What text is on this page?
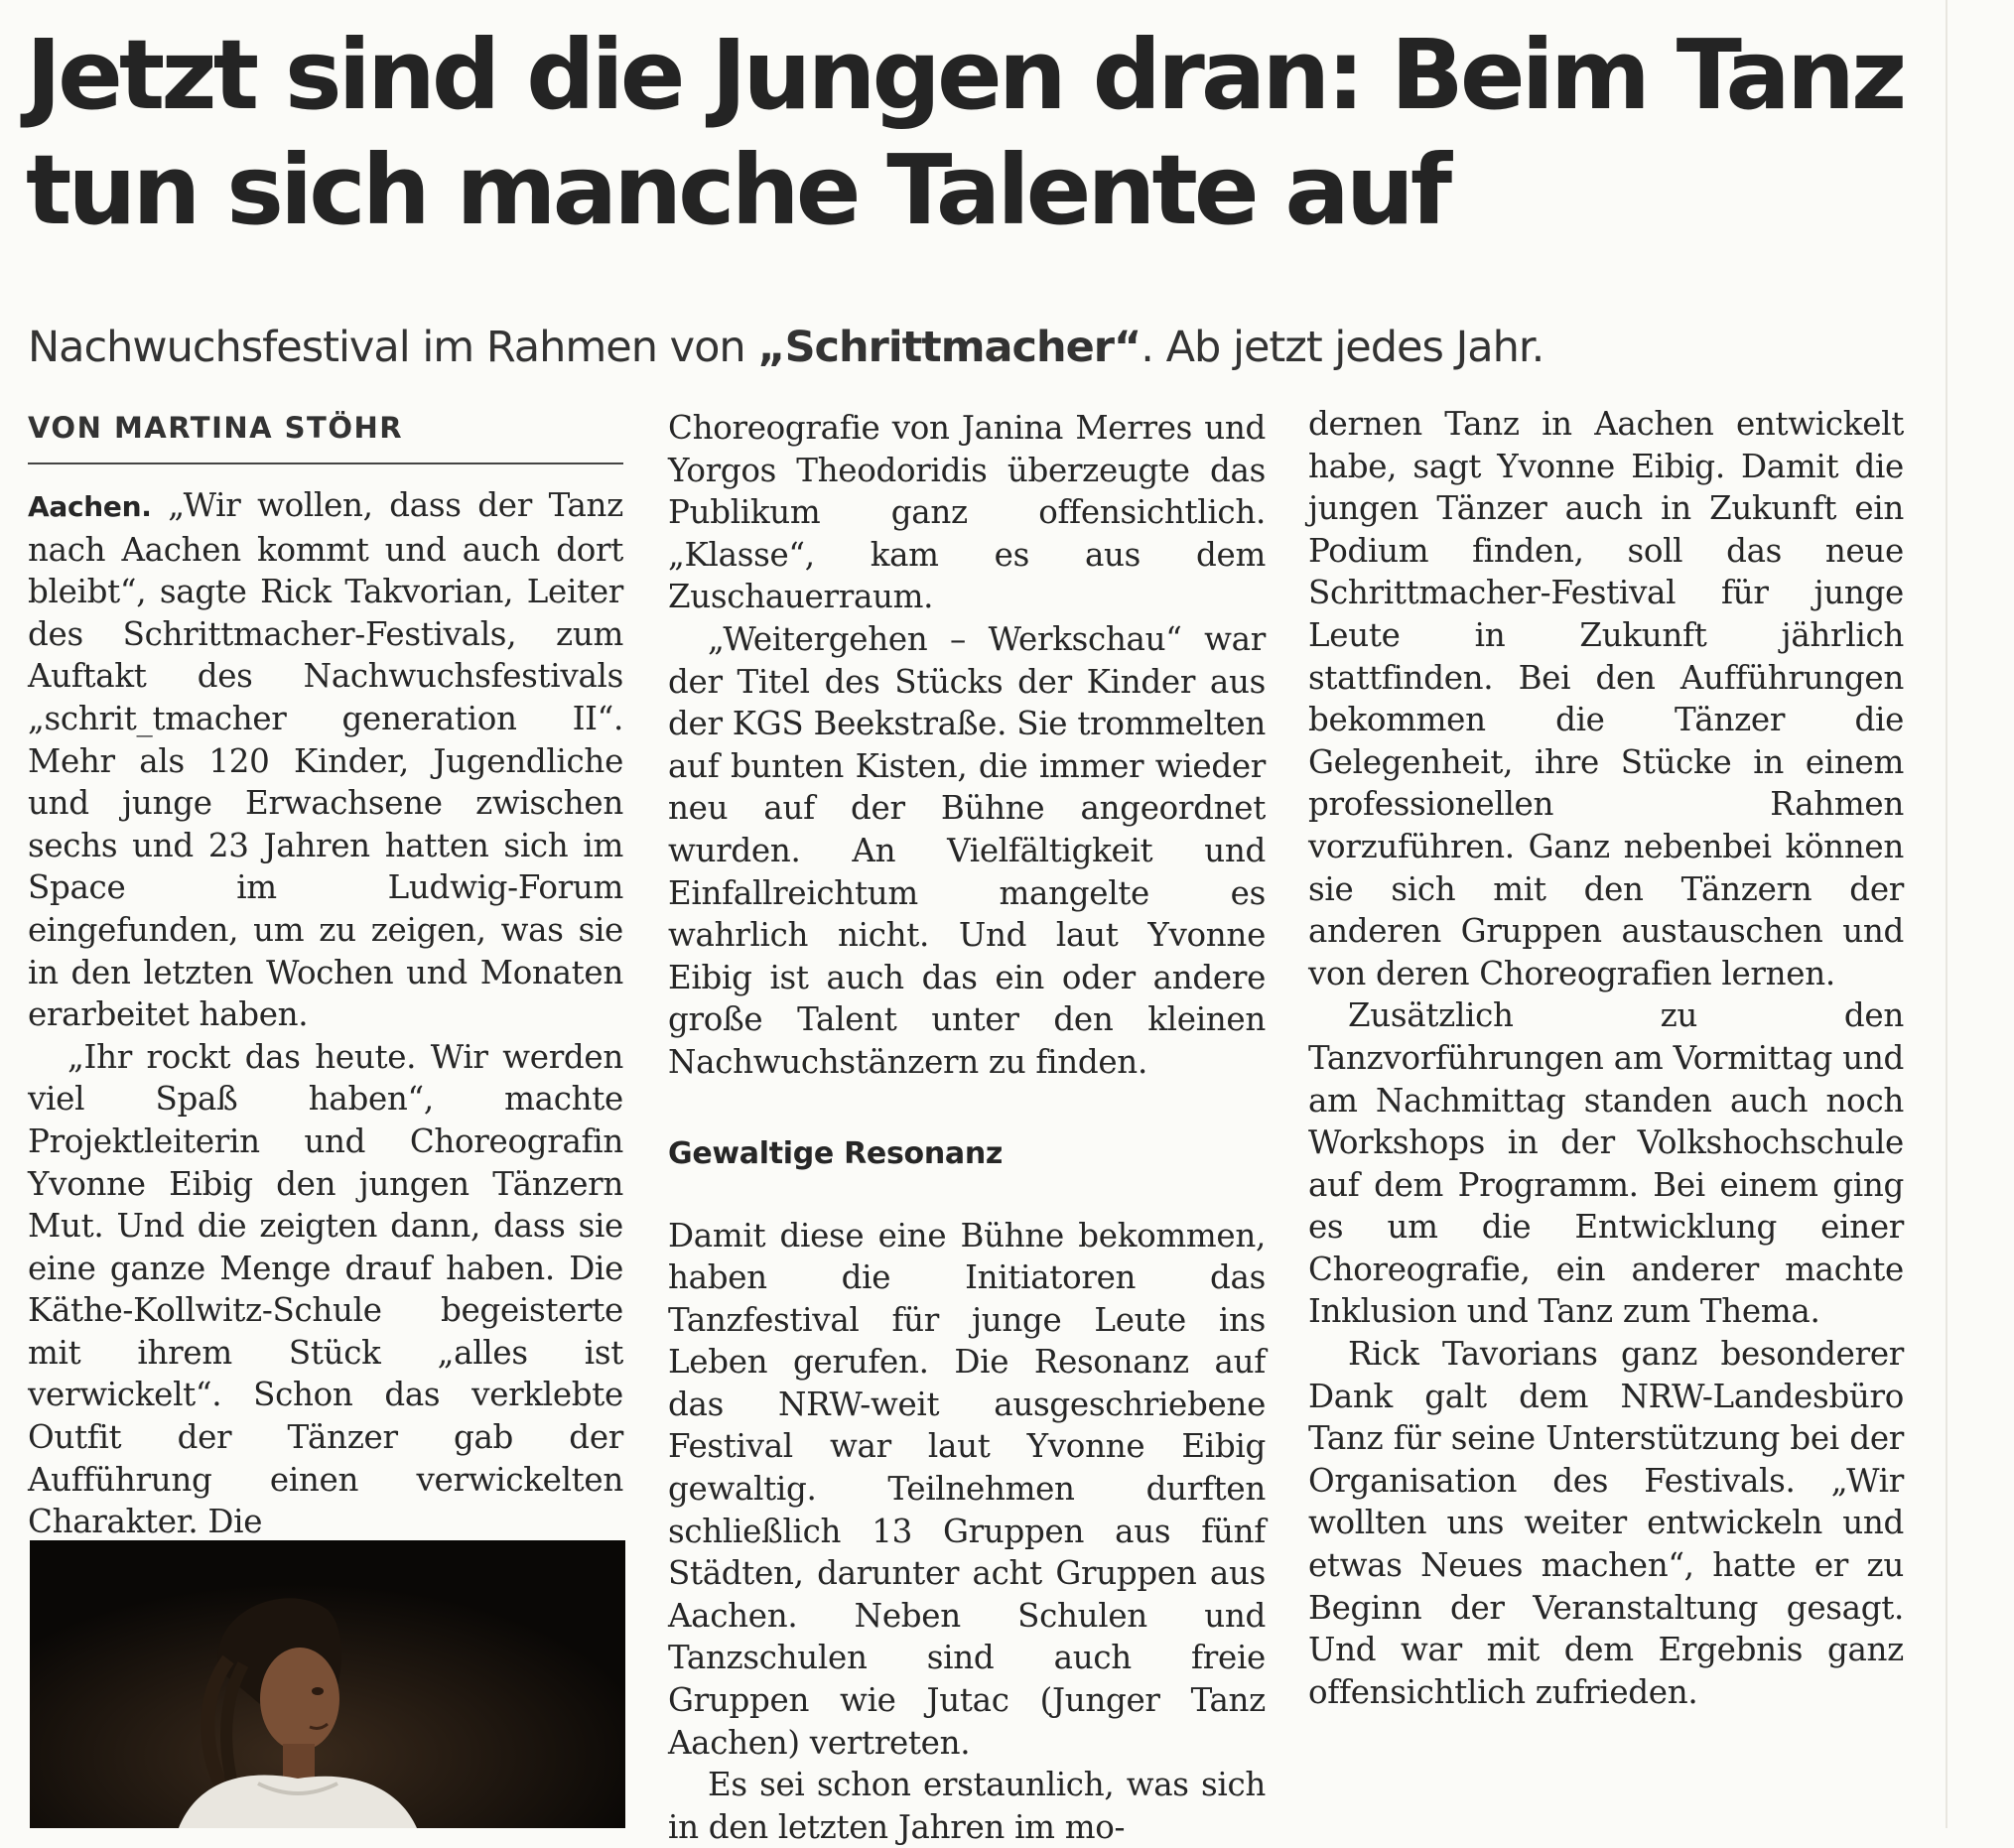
Jetzt sind die Jungen dran: Beim Tanz tun sich manche Talente auf

Nachwuchsfestival im Rahmen von „Schrittmacher“. Ab jetzt jedes Jahr.

VON MARTINA STÖHR

Aachen. „Wir wollen, dass der Tanz nach Aachen kommt und auch dort bleibt“, sagte Rick Takvorian, Leiter des Schrittmacher-Festivals, zum Auftakt des Nachwuchsfestivals „schrit_tmacher generation II“. Mehr als 120 Kinder, Jugendliche und junge Erwachsene zwischen sechs und 23 Jahren hatten sich im Space im Ludwig-Forum eingefunden, um zu zeigen, was sie in den letzten Wochen und Monaten erarbeitet haben.

„Ihr rockt das heute. Wir werden viel Spaß haben“, machte Projektleiterin und Choreografin Yvonne Eibig den jungen Tänzern Mut. Und die zeigten dann, dass sie eine ganze Menge drauf haben. Die Käthe-Kollwitz-Schule begeisterte mit ihrem Stück „alles ist verwickelt“. Schon das verklebte Outfit der Tänzer gab der Aufführung einen verwickelten Charakter. Die

Choreografie von Janina Merres und Yorgos Theodoridis überzeugte das Publikum ganz offensichtlich. „Klasse“, kam es aus dem Zuschauerraum.

„Weitergehen – Werkschau“ war der Titel des Stücks der Kinder aus der KGS Beekstraße. Sie trommelten auf bunten Kisten, die immer wieder neu auf der Bühne angeordnet wurden. An Vielfältigkeit und Einfallreichtum mangelte es wahrlich nicht. Und laut Yvonne Eibig ist auch das ein oder andere große Talent unter den kleinen Nachwuchstänzern zu finden.

Gewaltige Resonanz

Damit diese eine Bühne bekommen, haben die Initiatoren das Tanzfestival für junge Leute ins Leben gerufen. Die Resonanz auf das NRW-weit ausgeschriebene Festival war laut Yvonne Eibig gewaltig. Teilnehmen durften schließlich 13 Gruppen aus fünf Städten, darunter acht Gruppen aus Aachen. Neben Schulen und Tanzschulen sind auch freie Gruppen wie Jutac (Junger Tanz Aachen) vertreten.

Es sei schon erstaunlich, was sich in den letzten Jahren im mo-

dernen Tanz in Aachen entwickelt habe, sagt Yvonne Eibig. Damit die jungen Tänzer auch in Zukunft ein Podium finden, soll das neue Schrittmacher-Festival für junge Leute in Zukunft jährlich stattfinden. Bei den Aufführungen bekommen die Tänzer die Gelegenheit, ihre Stücke in einem professionellen Rahmen vorzuführen. Ganz nebenbei können sie sich mit den Tänzern der anderen Gruppen austauschen und von deren Choreografien lernen.

Zusätzlich zu den Tanzvorführungen am Vormittag und am Nachmittag standen auch noch Workshops in der Volkshochschule auf dem Programm. Bei einem ging es um die Entwicklung einer Choreografie, ein anderer machte Inklusion und Tanz zum Thema.

Rick Tavorians ganz besonderer Dank galt dem NRW-Landesbüro Tanz für seine Unterstützung bei der Organisation des Festivals. „Wir wollten uns weiter entwickeln und etwas Neues machen“, hatte er zu Beginn der Veranstaltung gesagt. Und war mit dem Ergebnis ganz offensichtlich zufrieden.
